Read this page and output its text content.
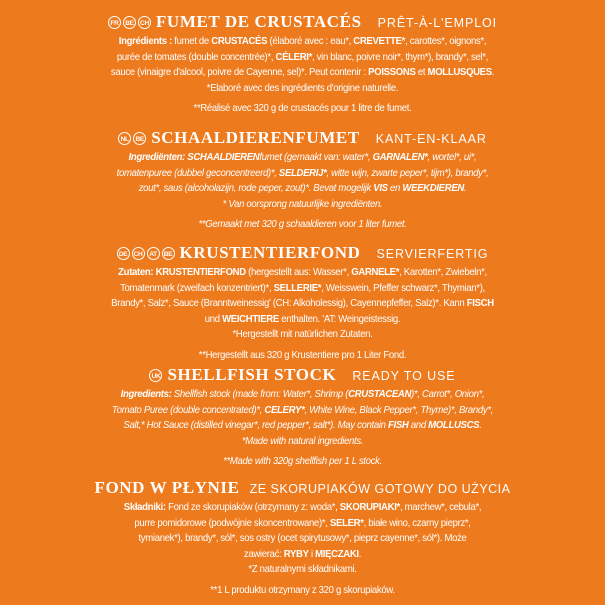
FR	BE CH FUMET DE CRUSTACÉS PRÊT-À-L'EMPLOI
Ingrédients : fumet de CRUSTACÉS (élaboré avec : eau*, CREVETTE*, carottes*, oignons*,
purée de tomates (double concentrée)*, CÉLERI*, vin blanc, poivre noir*, thym*), brandy*, sel*,
sauce (vinaigre d'alcool, poivre de Cayenne, sel)*. Peut contenir : POISSONS et MOLLUSQUES.
*Elaboré avec des ingrédients d'origine naturelle.
**Réalisé avec 320 g de crustacés pour 1 litre de fumet.
NL	BE SCHAALDIERENFUMET KANT-EN-KLAAR
Ingrediënten: SCHAALDIERENfumet (gemaakt van: water*, GARNALEN*, wortel*, ui*,
tomatenpuree (dubbel geconcentreerd)*, SELDERIJ*, witte wijn, zwarte peper*, tijm*), brandy*,
zout*, saus (alcoholazijn, rode peper, zout)*. Bevat mogelijk VIS en WEEKDIEREN.
* Van oorsprong natuurlijke ingrediënten.
**Gemaakt met 320 g schaaldieren voor 1 liter fumet.
DE CH	AT	BE KRUSTENTIERFOND SERVIERFERTIG
Zutaten: KRUSTENTIERFOND (hergestellt aus: Wasser*, GARNELE*, Karotten*, Zwiebeln*,
Tomatenmark (zweifach konzentriert)*, SELLERIE*, Weisswein, Pfeffer schwarz*, Thymian*),
Brandy*, Salz*, Sauce (Branntweinessig' (CH: Alkoholessig), Cayennepfeffer, Salz)*. Kann FISCH
und WEICHTIERE enthalten. 'AT: Weingeistessig.
*Hergestellt mit natürlichen Zutaten.
**Hergestellt aus 320 g Krustentiere pro 1 Liter Fond.
UK SHELLFISH STOCK READY TO USE
Ingredients: Shellfish stock (made from: Water*, Shrimp (CRUSTACEAN)*, Carrot*, Onion*,
Tomato Puree (double concentrated)*, CELERY*, White Wine, Black Pepper*, Thyme)*, Brandy*,
Salt,* Hot Sauce (distilled vinegar*, red pepper*, salt*). May contain FISH and MOLLUSCS.
*Made with natural ingredients.
**Made with 320g shellfish per 1 L stock.
FOND W PŁYNIE ZE SKORUPIAKÓW GOTOWY DO UŻYCIA
Składniki: Fond ze skorupiaków (otrzymany z: woda*, SKORUPIAKI*, marchew*, cebula*,
purre pomidorowe (podwójnie skoncentrowane)*, SELER*, białe wino, czarny pieprz*,
tymianek*), brandy*, sól*, sos ostry (ocet spirytusowy*, pieprz cayenne*, sól*). Może
zawierać: RYBY i MIĘCZAKI.
*Z naturalnymi składnikami.
**1 L produktu otrzymany z 320 g skorupiaków.
